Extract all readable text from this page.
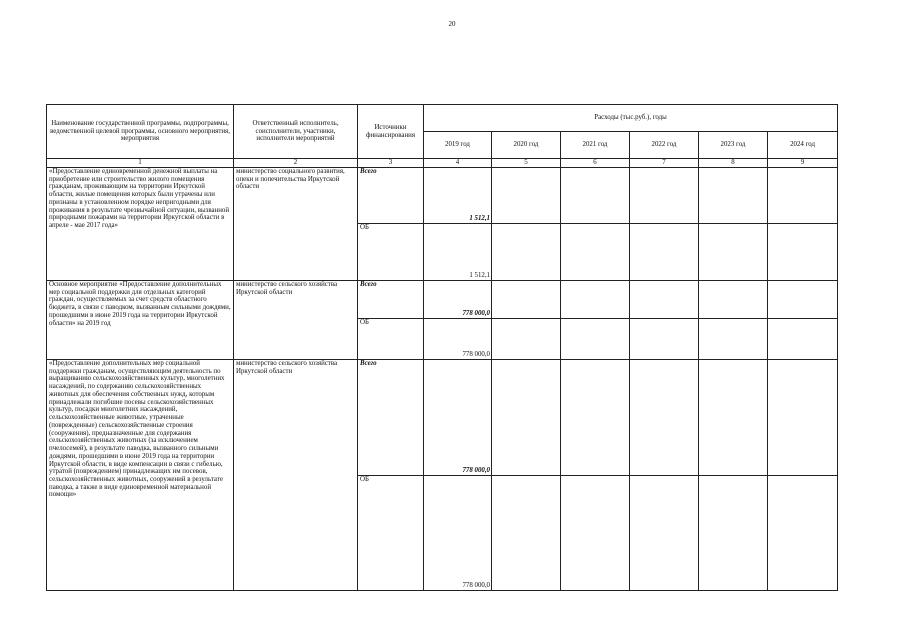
20
Наименование государственной программы, подпрограммы, ведомственной целевой программы, основного мероприятия, мероприятия	Ответственный исполнитель, соисполнители, участники, исполнители мероприятий	Источники финансирования	Расходы (тыс.руб.), годы					
			2019 год	2020 год	2021 год	2022 год	2023 год	2024 год
1	2	3	4	5	6	7	8	9
«Предоставление единовременной денежной выплаты на приобретение или строительство жилого помещения гражданам, проживающим на территории Иркутской области, жилые помещения которых были утрачены или признаны в установленном порядке непригодными для проживания в результате чрезвычайной ситуации, вызванной природными пожарами на территории Иркутской области в апреле - мае 2017 года»	министерство социального развития, опеки и попечительства Иркутской области	Всего	1 512,1					
		ОБ	1 512,1					
Основное мероприятие «Предоставление дополнительных мер социальной поддержки для отдельных категорий граждан, осуществляемых за счет средств областного бюджета, в связи с паводком, вызванным сильными дождями, прошедшими в июне 2019 года на территории Иркутской области» на 2019 год	министерство сельского хозяйства Иркутской области	Всего	778 000,0					
		ОБ	778 000,0					
«Предоставление дополнительных мер социальной поддержки гражданам, осуществляющим деятельность по выращиванию сельскохозяйственных культур, многолетних насаждений, по содержанию сельскохозяйственных животных для обеспечения собственных нужд, которым принадлежали погибшие посевы сельскохозяйственных культур, посадки многолетних насаждений, сельскохозяйственные животные, утраченные (поврежденные) сельскохозяйственные строения (сооружения), предназначенные для содержания сельскохозяйственных животных (за исключением пчелосемей), в результате паводка, вызванного сильными дождями, прошедшими в июне 2019 года на территории Иркутской области, в виде компенсации в связи с гибелью, утратой (повреждением) принадлежащих им посевов, сельскохозяйственных животных, сооружений в результате паводка, а также в виде единовременной материальной помощи»	министерство сельского хозяйства Иркутской области	Всего	778 000,0					
		ОБ	778 000,0					
